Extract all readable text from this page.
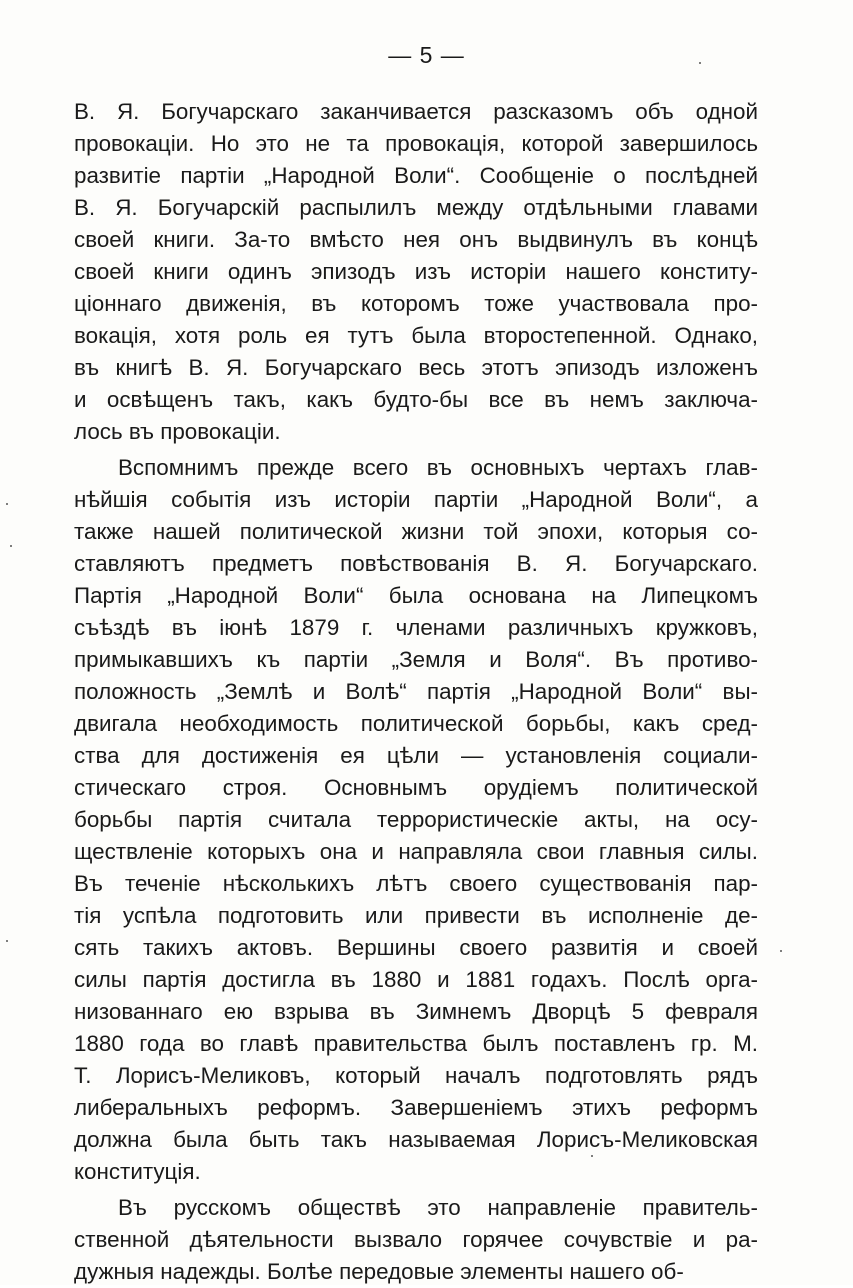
— 5 —
В. Я. Богучарскаго заканчивается разсказомъ объ одной
провокаціи. Но это не та провокація, которой завершилось
развитіе партіи „Народной Воли“. Сообщеніе о послѣдней
В. Я. Богучарскій распылилъ между отдѣльными главами
своей книги. За-то вмѣсто нея онъ выдвинулъ въ концѣ
своей книги одинъ эпизодъ изъ исторіи нашего конститу-
ціоннаго движенія, въ которомъ тоже участвовала про-
вокація, хотя роль ея тутъ была второстепенной. Однако,
въ книгѣ В. Я. Богучарскаго весь этотъ эпизодъ изложенъ
и освѣщенъ такъ, какъ будто-бы все въ немъ заключа-
лось въ провокаціи.
Вспомнимъ прежде всего въ основныхъ чертахъ глав-
нѣйшія событія изъ исторіи партіи „Народной Воли“, а
также нашей политической жизни той эпохи, которыя со-
ставляютъ предметъ повѣствованія В. Я. Богучарскаго.
Партія „Народной Воли“ была основана на Липецкомъ
съѣздѣ въ іюнѣ 1879 г. членами различныхъ кружковъ,
примыкавшихъ къ партіи „Земля и Воля“. Въ противо-
положность „Землѣ и Волѣ“ партія „Народной Воли“ вы-
двигала необходимость политической борьбы, какъ сред-
ства для достиженія ея цѣли — установленія социали-
стическаго строя. Основнымъ орудіемъ политической
борьбы партія считала террористическіе акты, на осу-
ществленіе которыхъ она и направляла свои главныя силы.
Въ теченіе нѣсколькихъ лѣтъ своего существованія пар-
тія успѣла подготовить или привести въ исполненіе де-
сять такихъ актовъ. Вершины своего развитія и своей
силы партія достигла въ 1880 и 1881 годахъ. Послѣ орга-
низованнаго ею взрыва въ Зимнемъ Дворцѣ 5 февраля
1880 года во главѣ правительства былъ поставленъ гр. М.
Т. Лорисъ-Меликовъ, который началъ подготовлять рядъ
либеральныхъ реформъ. Завершеніемъ этихъ реформъ
должна была быть такъ называемая Лорисъ-Меликовская
конституція.
Въ русскомъ обществѣ это направленіе правитель-
ственной дѣятельности вызвало горячее сочувствіе и ра-
дужныя надежды. Болѣе передовые элементы нашего об-
